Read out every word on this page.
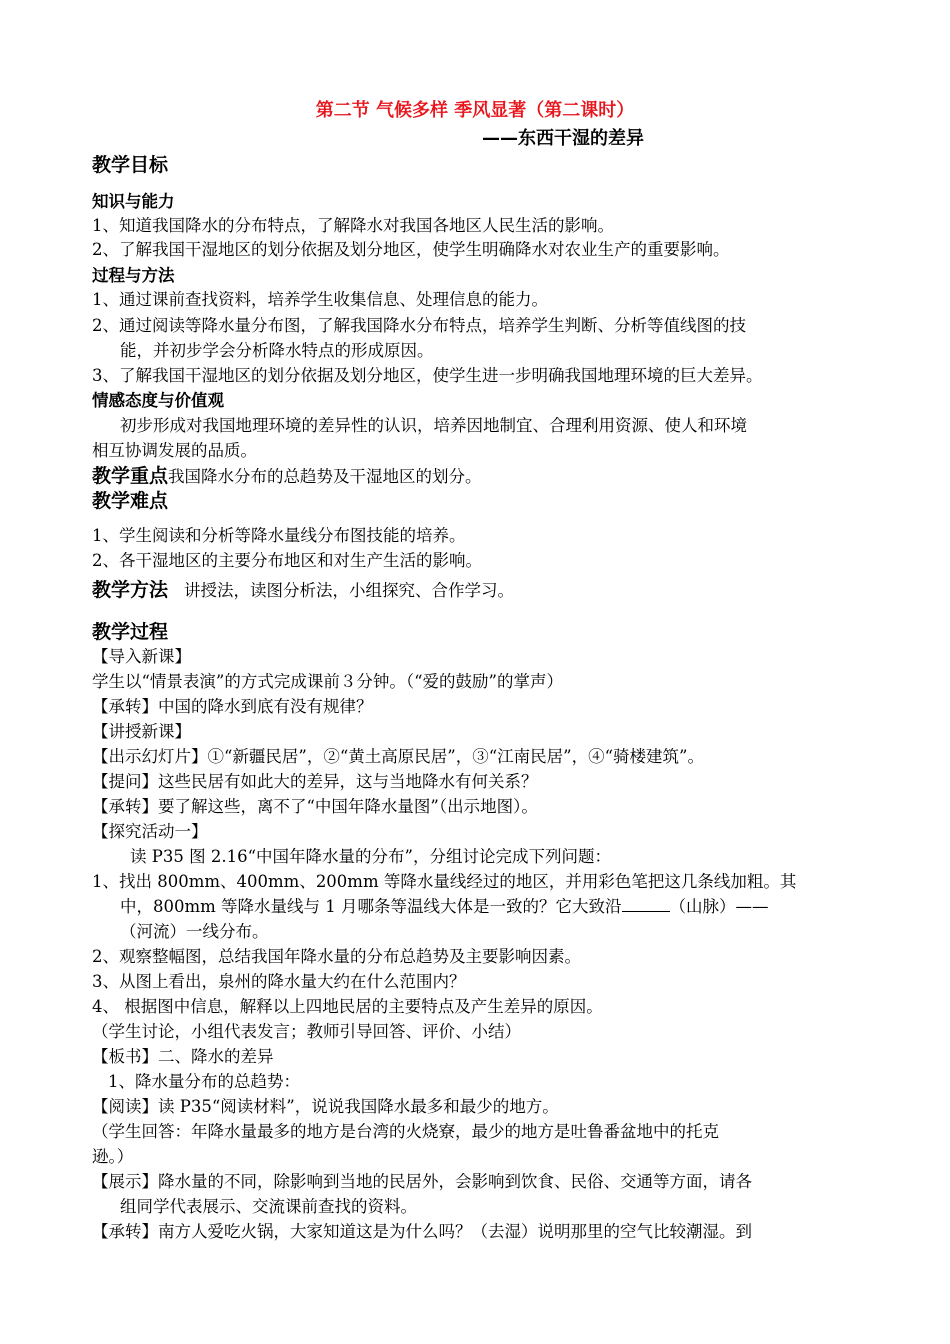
第二节 气候多样 季风显著（第二课时）
——东西干湿的差异
教学目标
知识与能力
1、知道我国降水的分布特点，了解降水对我国各地区人民生活的影响。
2、了解我国干湿地区的划分依据及划分地区，使学生明确降水对农业生产的重要影响。
过程与方法
1、通过课前查找资料，培养学生收集信息、处理信息的能力。
2、通过阅读等降水量分布图，了解我国降水分布特点，培养学生判断、分析等值线图的技
能，并初步学会分析降水特点的形成原因。
3、了解我国干湿地区的划分依据及划分地区，使学生进一步明确我国地理环境的巨大差异。
情感态度与价值观
初步形成对我国地理环境的差异性的认识，培养因地制宜、合理利用资源、使人和环境
相互协调发展的品质。
教学重点我国降水分布的总趋势及干湿地区的划分。
教学难点
1、学生阅读和分析等降水量线分布图技能的培养。
2、各干湿地区的主要分布地区和对生产生活的影响。
教学方法 讲授法，读图分析法，小组探究、合作学习。
教学过程
【导入新课】
学生以“情景表演”的方式完成课前３分钟。（“爱的鼓励”的掌声）
【承转】中国的降水到底有没有规律？
【讲授新课】
【出示幻灯片】①“新疆民居”，②“黄土高原民居”，③“江南民居”，④“骑楼建筑”。
【提问】这些民居有如此大的差异，这与当地降水有何关系？
【承转】要了解这些，离不了“中国年降水量图”（出示地图）。
【探究活动一】
读 P35 图 2.16“中国年降水量的分布”，分组讨论完成下列问题：
1、找出 800mm、400mm、200mm 等降水量线经过的地区，并用彩色笔把这几条线加粗。其
中，800mm 等降水量线与 1 月哪条等温线大体是一致的？它大致沿	（山脉）——
（河流）一线分布。
2、观察整幅图，总结我国年降水量的分布总趋势及主要影响因素。
3、从图上看出，泉州的降水量大约在什么范围内？
4、 根据图中信息，解释以上四地民居的主要特点及产生差异的原因。
（学生讨论，小组代表发言；教师引导回答、评价、小结）
【板书】二、降水的差异
1、降水量分布的总趋势：
【阅读】读 P35“阅读材料”，说说我国降水最多和最少的地方。
（学生回答：年降水量最多的地方是台湾的火烧寮，最少的地方是吐鲁番盆地中的托克
逊。）
【展示】降水量的不同，除影响到当地的民居外，会影响到饮食、民俗、交通等方面，请各
组同学代表展示、交流课前查找的资料。
【承转】南方人爱吃火锅，大家知道这是为什么吗？（去湿）说明那里的空气比较潮湿。到
